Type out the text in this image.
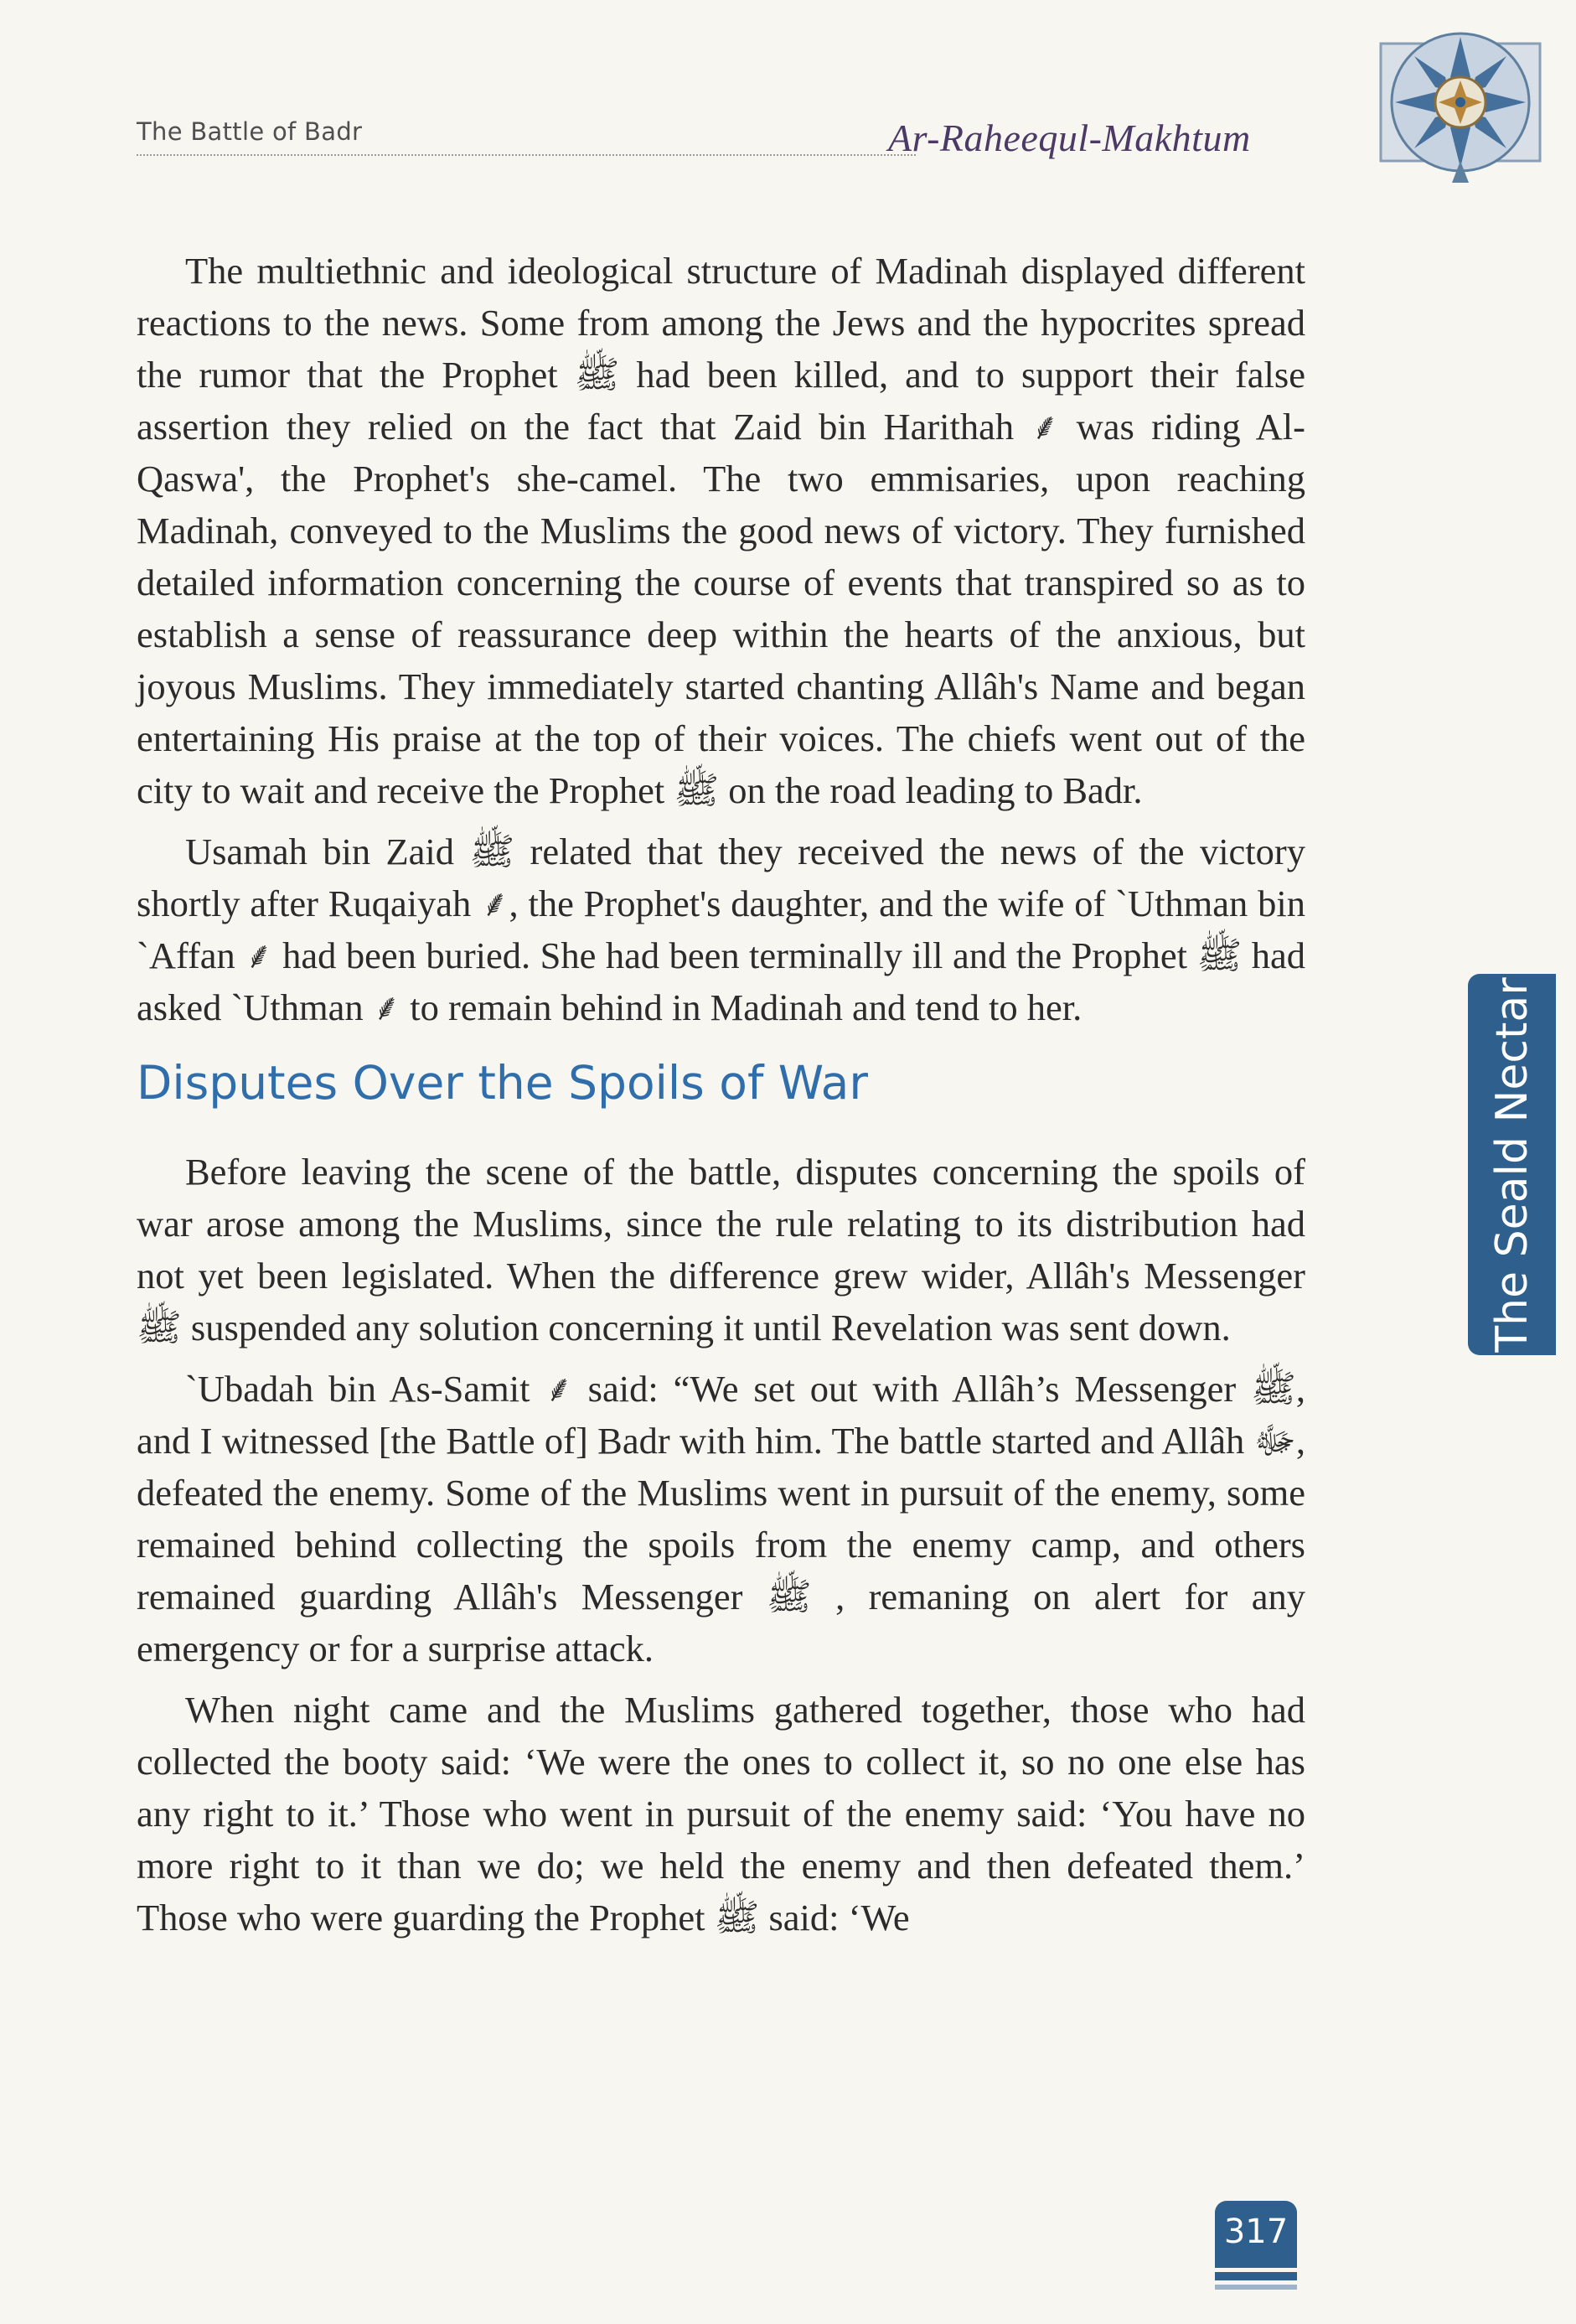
The Battle of Badr	Ar-Raheequl-Makhtum

The multiethnic and ideological structure of Madinah displayed different reactions to the news. Some from among the Jews and the hypocrites spread the rumor that the Prophet ﷺ had been killed, and to support their false assertion they relied on the fact that Zaid bin Harithah ⸙ was riding Al-Qaswa', the Prophet's she-camel. The two emmisaries, upon reaching Madinah, conveyed to the Muslims the good news of victory. They furnished detailed information concerning the course of events that transpired so as to establish a sense of reassurance deep within the hearts of the anxious, but joyous Muslims. They immediately started chanting Allâh's Name and began entertaining His praise at the top of their voices. The chiefs went out of the city to wait and receive the Prophet ﷺ on the road leading to Badr.

Usamah bin Zaid ﷺ related that they received the news of the victory shortly after Ruqaiyah ⸙, the Prophet's daughter, and the wife of `Uthman bin `Affan ⸙ had been buried. She had been terminally ill and the Prophet ﷺ had asked `Uthman ⸙ to remain behind in Madinah and tend to her.

Disputes Over the Spoils of War

Before leaving the scene of the battle, disputes concerning the spoils of war arose among the Muslims, since the rule relating to its distribution had not yet been legislated. When the difference grew wider, Allâh's Messenger ﷺ suspended any solution concerning it until Revelation was sent down.

`Ubadah bin As-Samit ⸙ said: “We set out with Allâh’s Messenger ﷺ, and I witnessed [the Battle of] Badr with him. The battle started and Allâh ﷻ, defeated the enemy. Some of the Muslims went in pursuit of the enemy, some remained behind collecting the spoils from the enemy camp, and others remained guarding Allâh's Messenger ﷺ , remaning on alert for any emergency or for a surprise attack.

When night came and the Muslims gathered together, those who had collected the booty said: ‘We were the ones to collect it, so no one else has any right to it.’ Those who went in pursuit of the enemy said: ‘You have no more right to it than we do; we held the enemy and then defeated them.’ Those who were guarding the Prophet ﷺ said: ‘We

The Seald Nectar
317
